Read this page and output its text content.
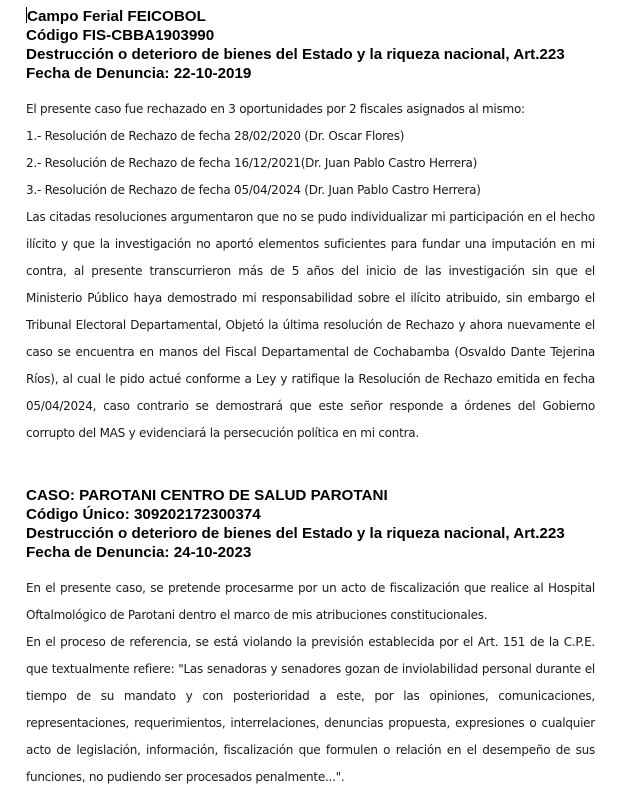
Campo Ferial FEICOBOL

Código FIS-CBBA1903990

Destrucción o deterioro de bienes del Estado y la riqueza nacional, Art.223

Fecha de Denuncia: 22-10-2019

El presente caso fue rechazado en 3 oportunidades por 2 fiscales asignados al mismo:

1.- Resolución de Rechazo de fecha 28/02/2020 (Dr. Oscar Flores)

2.- Resolución de Rechazo de fecha 16/12/2021(Dr. Juan Pablo Castro Herrera)

3.- Resolución de Rechazo de fecha 05/04/2024 (Dr. Juan Pablo Castro Herrera)

Las citadas resoluciones argumentaron que no se pudo individualizar mi participación en el hecho ilícito y que la investigación no aportó elementos suficientes para fundar una imputación en mi contra, al presente transcurrieron más de 5 años del inicio de las investigación sin que el Ministerio Público haya demostrado mi responsabilidad sobre el ilícito atribuido, sin embargo el Tribunal Electoral Departamental, Objetó la última resolución de Rechazo y ahora nuevamente el caso se encuentra en manos del Fiscal Departamental de Cochabamba (Osvaldo Dante Tejerina Ríos), al cual le pido actué conforme a Ley y ratifique la Resolución de Rechazo emitida en fecha 05/04/2024, caso contrario se demostrará que este señor responde a órdenes del Gobierno corrupto del MAS y evidenciará la persecución política en mi contra.

CASO: PAROTANI CENTRO DE SALUD PAROTANI

Código Único: 309202172300374

Destrucción o deterioro de bienes del Estado y la riqueza nacional, Art.223

Fecha de Denuncia: 24-10-2023

En el presente caso, se pretende procesarme por un acto de fiscalización que realice al Hospital Oftalmológico de Parotani dentro el marco de mis atribuciones constitucionales.

En el proceso de referencia, se está violando la previsión establecida por el Art. 151 de la C.P.E. que textualmente refiere: "Las senadoras y senadores gozan de inviolabilidad personal durante el tiempo de su mandato y con posterioridad a este, por las opiniones, comunicaciones, representaciones, requerimientos, interrelaciones, denuncias propuesta, expresiones o cualquier acto de legislación, información, fiscalización que formulen o relación en el desempeño de sus funciones, no pudiendo ser procesados penalmente...".
